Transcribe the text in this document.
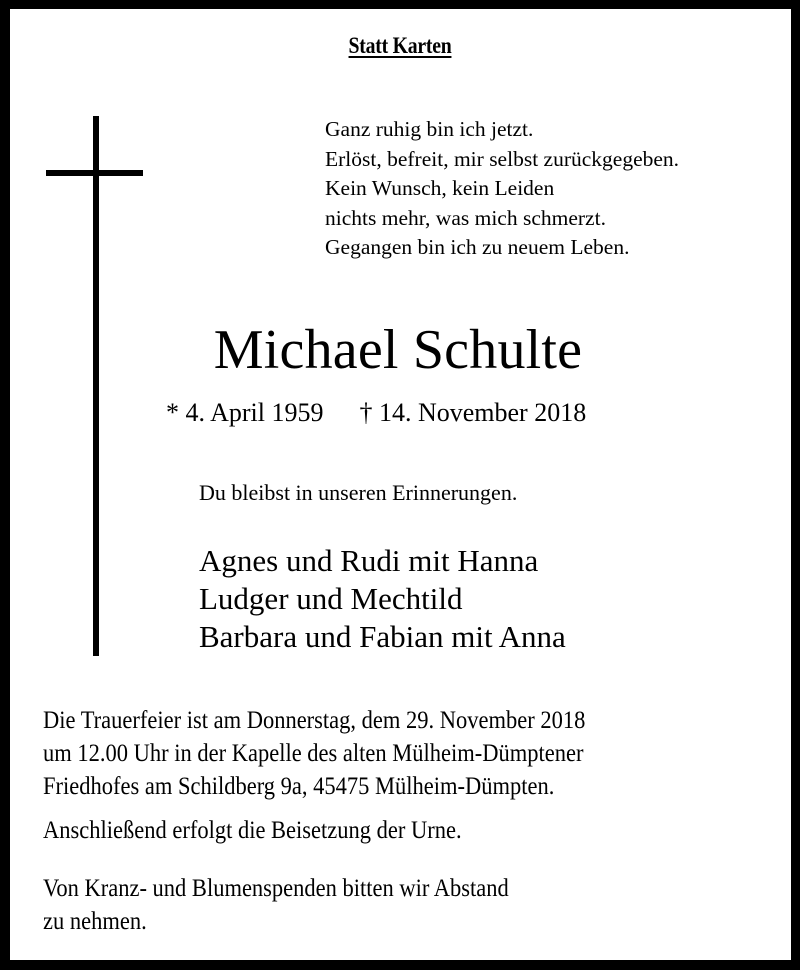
Statt Karten
Ganz ruhig bin ich jetzt.
Erlöst, befreit, mir selbst zurückgegeben.
Kein Wunsch, kein Leiden
nichts mehr, was mich schmerzt.
Gegangen bin ich zu neuem Leben.
Michael Schulte
* 4. April 1959 † 14. November 2018
Du bleibst in unseren Erinnerungen.
Agnes und Rudi mit Hanna
Ludger und Mechtild
Barbara und Fabian mit Anna
Die Trauerfeier ist am Donnerstag, dem 29. November 2018
um 12.00 Uhr in der Kapelle des alten Mülheim-Dümptener
Friedhofes am Schildberg 9a, 45475 Mülheim-Dümpten.
Anschließend erfolgt die Beisetzung der Urne.
Von Kranz- und Blumenspenden bitten wir Abstand
zu nehmen.
